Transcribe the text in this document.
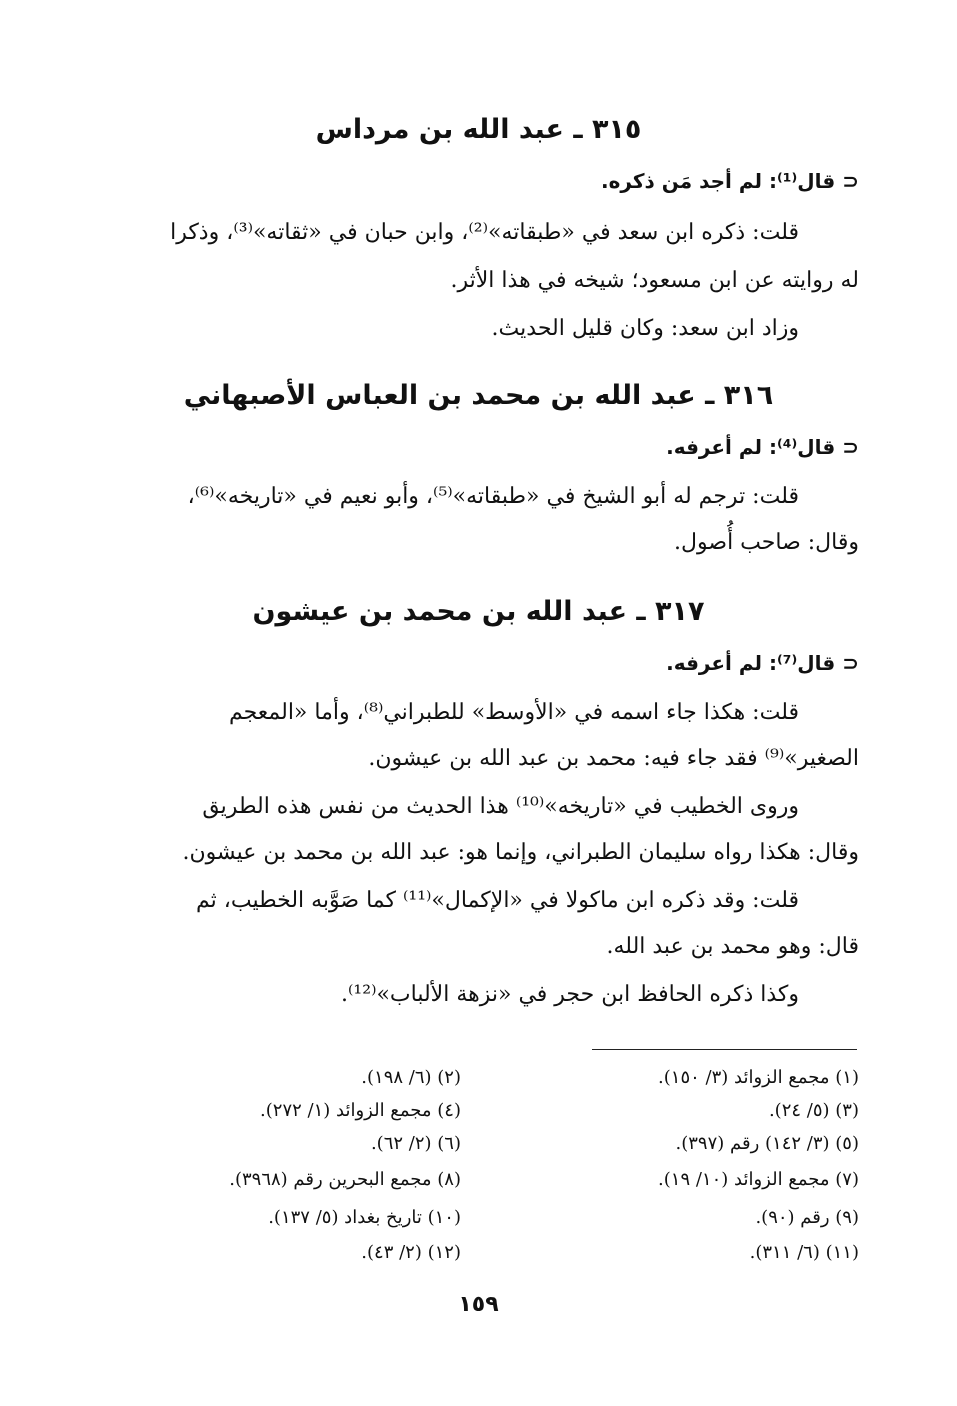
٣١٥ ـ عبد الله بن مرداس
⊂ قال⁽¹⁾: لم أجد مَن ذكره.
قلت: ذكره ابن سعد في «طبقاته»⁽²⁾، وابن حبان في «ثقاته»⁽³⁾، وذكرا
له روايته عن ابن مسعود؛ شيخه في هذا الأثر.
وزاد ابن سعد: وكان قليل الحديث.
٣١٦ ـ عبد الله بن محمد بن العباس الأصبهاني
⊂ قال⁽⁴⁾: لم أعرفه.
قلت: ترجم له أبو الشيخ في «طبقاته»⁽⁵⁾، وأبو نعيم في «تاريخه»⁽⁶⁾،
وقال: صاحب أُصول.
٣١٧ ـ عبد الله بن محمد بن عيشون
⊂ قال⁽⁷⁾: لم أعرفه.
قلت: هكذا جاء اسمه في «الأوسط» للطبراني⁽⁸⁾، وأما «المعجم
الصغير»⁽⁹⁾ فقد جاء فيه: محمد بن عبد الله بن عيشون.
وروى الخطيب في «تاريخه»⁽¹⁰⁾ هذا الحديث من نفس هذه الطريق
وقال: هكذا رواه سليمان الطبراني، وإنما هو: عبد الله بن محمد بن عيشون.
قلت: وقد ذكره ابن ماكولا في «الإكمال»⁽¹¹⁾ كما صَوَّبه الخطيب، ثم
قال: وهو محمد بن عبد الله.
وكذا ذكره الحافظ ابن حجر في «نزهة الألباب»⁽¹²⁾.
(١) مجمع الزوائد (٣/ ١٥٠).
(٣) (٥/ ٢٤).
(٥) (٣/ ١٤٢) رقم (٣٩٧).
(٧) مجمع الزوائد (١٠/ ١٩).
(٩) رقم (٩٠).
(١١) (٦/ ٣١١).
(٢) (٦/ ١٩٨).
(٤) مجمع الزوائد (١/ ٢٧٢).
(٦) (٢/ ٦٢).
(٨) مجمع البحرين رقم (٣٩٦٨).
(١٠) تاريخ بغداد (٥/ ١٣٧).
(١٢) (٢/ ٤٣).
١٥٩
